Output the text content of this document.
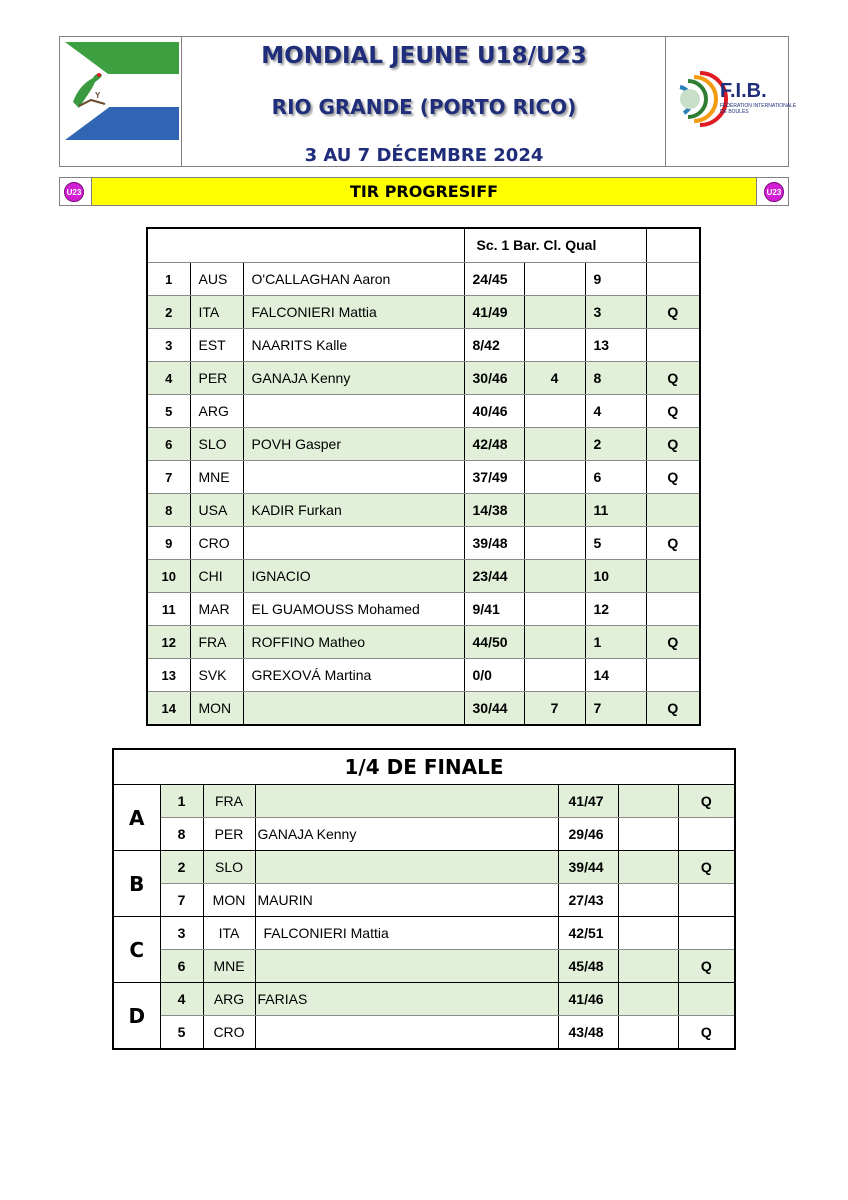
Y
MONDIAL JEUNE U18/U23
RIO GRANDE (PORTO RICO)
3 AU 7 DÉCEMBRE 2024
F.I.B.
FÉDÉRATION INTERNATIONALE
DE BOULES
U23	TIR PROGRESIFF	U23

			Sc. 1 Bar. Cl. Qual			

1	AUS	O'CALLAGHAN Aaron	24/45		9	
2	ITA	FALCONIERI Mattia	41/49		3	Q
3	EST	NAARITS Kalle	8/42		13	
4	PER	GANAJA Kenny	30/46	4	8	Q
5	ARG		40/46		4	Q
6	SLO	POVH Gasper	42/48		2	Q
7	MNE		37/49		6	Q
8	USA	KADIR Furkan	14/38		11	
9	CRO		39/48		5	Q
10	CHI	IGNACIO	23/44		10	
11	MAR	EL GUAMOUSS Mohamed	9/41		12	
12	FRA	ROFFINO Matheo	44/50		1	Q
13	SVK	GREXOVÁ Martina	0/0		14	
14	MON		30/44	7	7	Q
1/4 DE FINALE						
A	1	FRA		41/47		Q
	8	PER	GANAJA Kenny	29/46		
B	2	SLO		39/44		Q
	7	MON	MAURIN	27/43		
C	3	ITA	FALCONIERI Mattia	42/51		
	6	MNE		45/48		Q
D	4	ARG	FARIAS	41/46		
	5	CRO		43/48		Q
